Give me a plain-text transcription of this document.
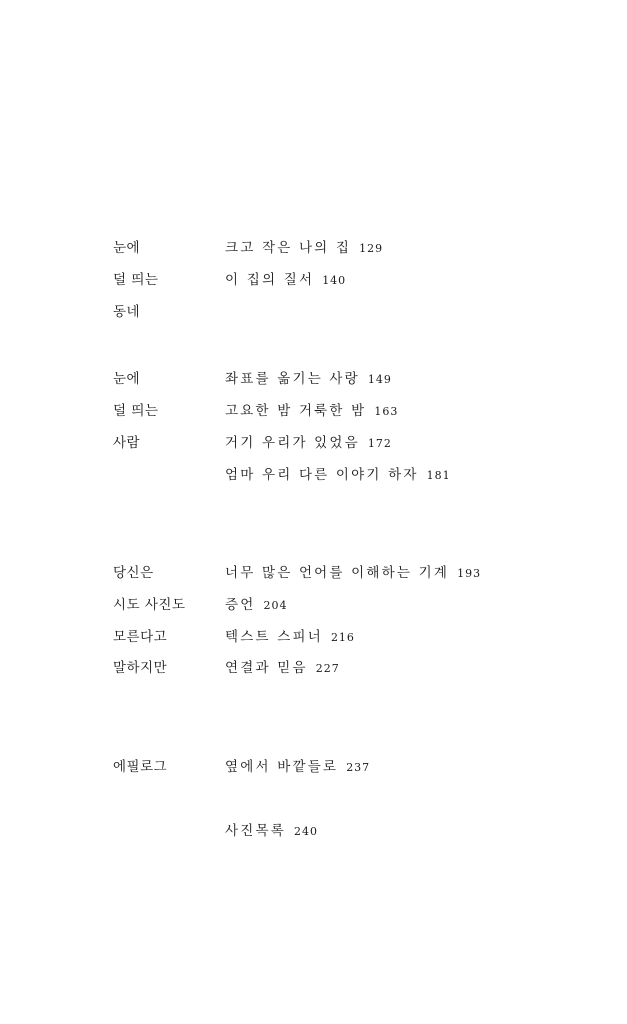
눈에
덜 띄는
동네
크고 작은 나의 집 129
이 집의 질서 140
눈에
덜 띄는
사람
좌표를 옮기는 사랑 149
고요한 밤 거룩한 밤 163
거기 우리가 있었음 172
엄마 우리 다른 이야기 하자 181
당신은
시도 사진도
모른다고
말하지만
너무 많은 언어를 이해하는 기계 193
증언 204
텍스트 스피너 216
연결과 믿음 227
에필로그	옆에서 바깥들로 237
사진목록 240
